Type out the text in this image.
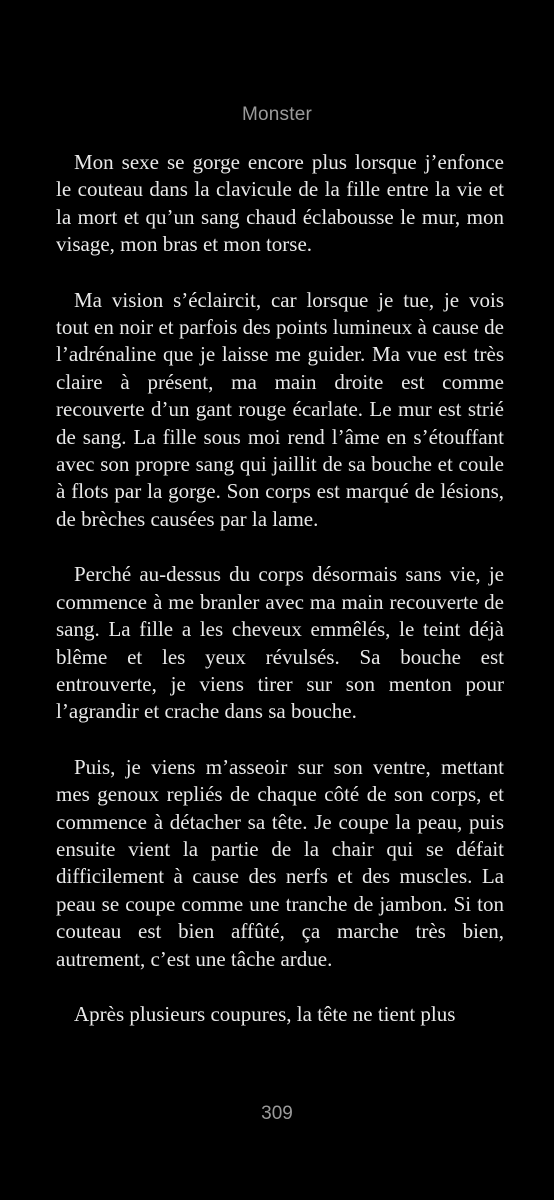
Monster

Mon sexe se gorge encore plus lorsque j’enfonce le couteau dans la clavicule de la fille entre la vie et la mort et qu’un sang chaud éclabousse le mur, mon visage, mon bras et mon torse.

Ma vision s’éclaircit, car lorsque je tue, je vois tout en noir et parfois des points lumineux à cause de l’adrénaline que je laisse me guider. Ma vue est très claire à présent, ma main droite est comme recouverte d’un gant rouge écarlate. Le mur est strié de sang. La fille sous moi rend l’âme en s’étouffant avec son propre sang qui jaillit de sa bouche et coule à flots par la gorge. Son corps est marqué de lésions, de brèches causées par la lame.

Perché au-dessus du corps désormais sans vie, je commence à me branler avec ma main recouverte de sang. La fille a les cheveux emmêlés, le teint déjà blême et les yeux révulsés. Sa bouche est entrouverte, je viens tirer sur son menton pour l’agrandir et crache dans sa bouche.

Puis, je viens m’asseoir sur son ventre, mettant mes genoux repliés de chaque côté de son corps, et commence à détacher sa tête. Je coupe la peau, puis ensuite vient la partie de la chair qui se défait difficilement à cause des nerfs et des muscles. La peau se coupe comme une tranche de jambon. Si ton couteau est bien affûté, ça marche très bien, autrement, c’est une tâche ardue.

Après plusieurs coupures, la tête ne tient plus

309
